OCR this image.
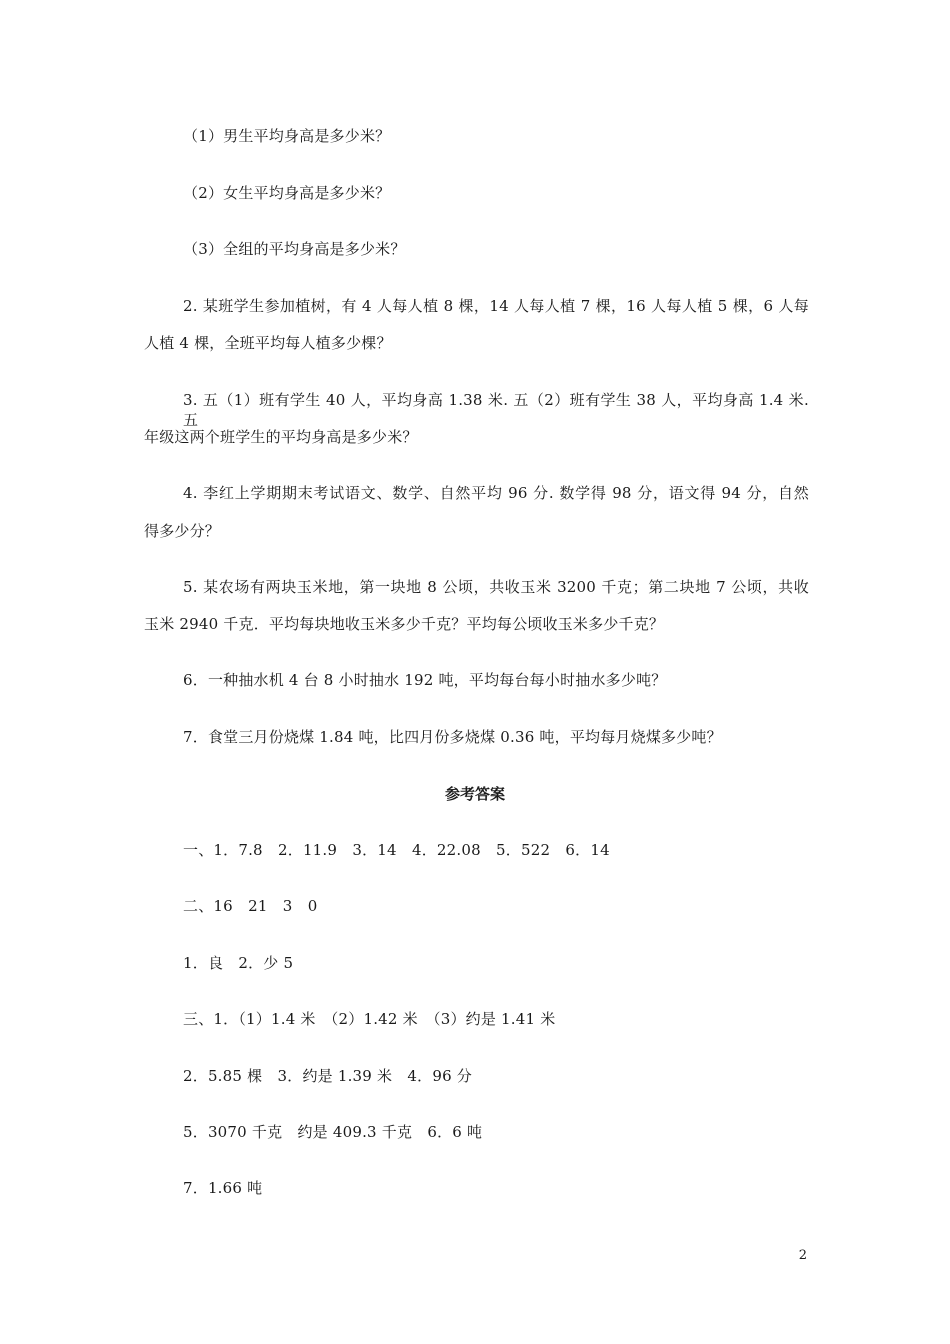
（1）男生平均身高是多少米？
（2）女生平均身高是多少米？
（3）全组的平均身高是多少米？
2. 某班学生参加植树，有 4 人每人植 8 棵，14 人每人植 7 棵，16 人每人植 5 棵，6 人每
人植 4 棵，全班平均每人植多少棵？
3. 五（1）班有学生 40 人，平均身高 1.38 米. 五（2）班有学生 38 人，平均身高 1.4 米. 五
年级这两个班学生的平均身高是多少米？
4. 李红上学期期末考试语文、数学、自然平均 96 分. 数学得 98 分，语文得 94 分，自然
得多少分？
5. 某农场有两块玉米地，第一块地 8 公顷，共收玉米 3200 千克；第二块地 7 公顷，共收
玉米 2940 千克．平均每块地收玉米多少千克？平均每公顷收玉米多少千克？
6．一种抽水机 4 台 8 小时抽水 192 吨，平均每台每小时抽水多少吨？
7．食堂三月份烧煤 1.84 吨，比四月份多烧煤 0.36 吨，平均每月烧煤多少吨？
参考答案
一、1．7.8　2．11.9　3．14　4．22.08　5．522　6．14
二、16　21　3　0
1．良　2．少 5
三、1．（1）1.4 米　（2）1.42 米　（3）约是 1.41 米
2．5.85 棵　3．约是 1.39 米　4．96 分
5．3070 千克　约是 409.3 千克　6．6 吨
7．1.66 吨
2
